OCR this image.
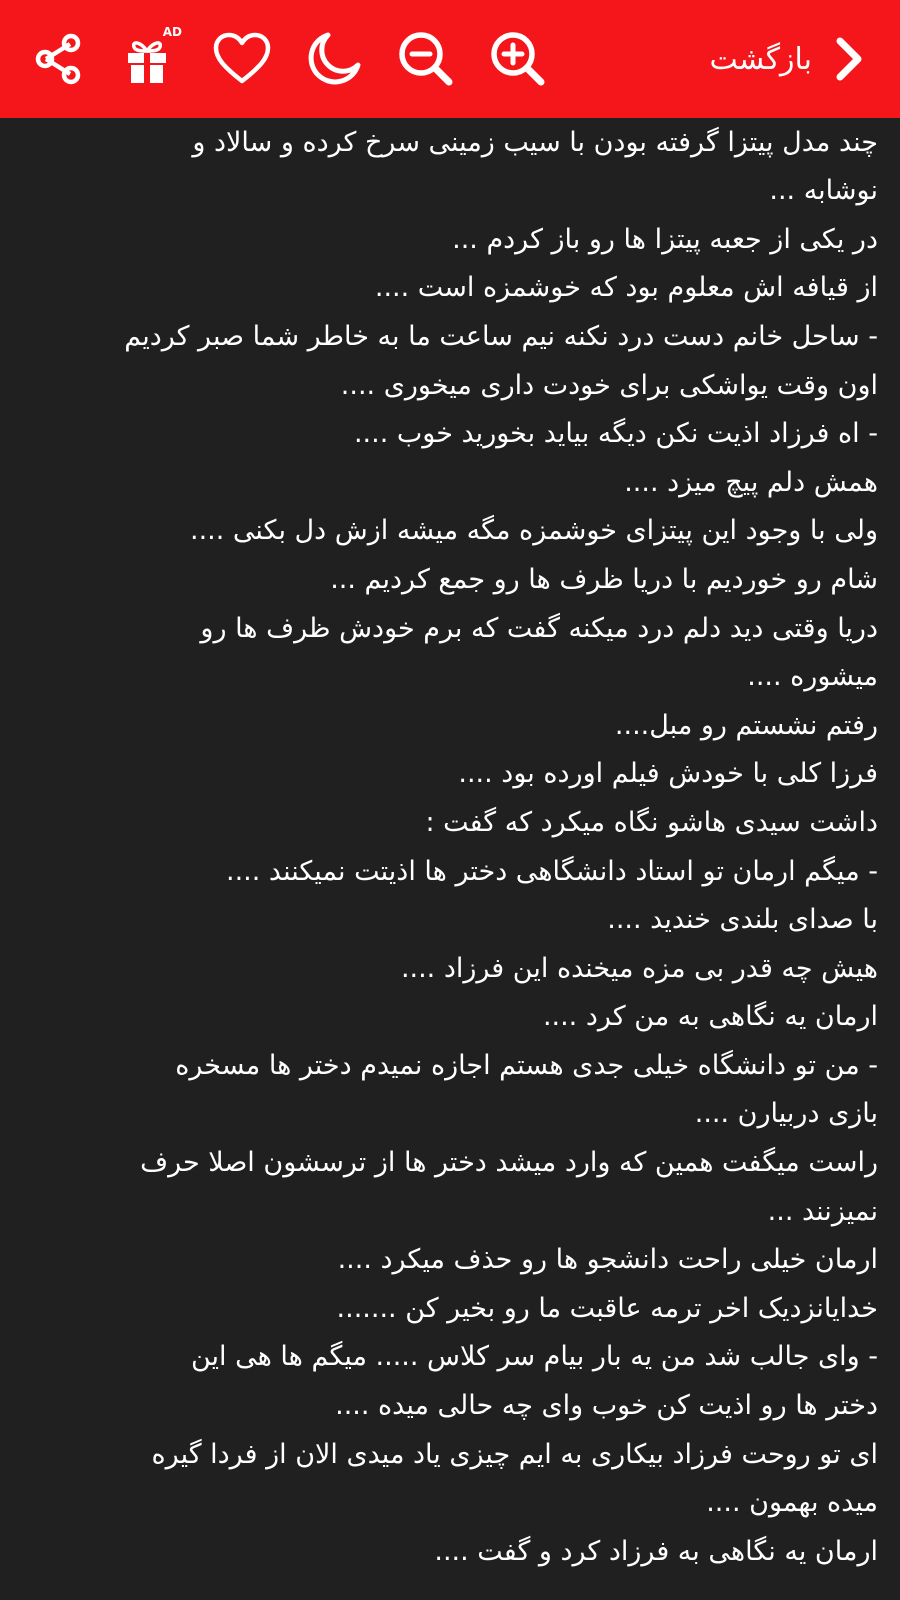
چند مدل پیتزا گرفته بودن با سیب زمینی سرخ کرده و سالاد و
نوشابه ...
در یکی از جعبه پیتزا ها رو باز کردم ...
از قیافه اش معلوم بود که خوشمزه است ....
- ساحل خانم دست درد نکنه نیم ساعت ما به خاطر شما صبر کردیم
اون وقت یواشکی برای خودت داری میخوری ....
- اه فرزاد اذیت نکن دیگه بیاید بخورید خوب ....
همش دلم پیچ میزد ....
ولی با وجود این پیتزای خوشمزه مگه میشه ازش دل بکنی ....
شام رو خوردیم با دریا ظرف ها رو جمع کردیم ...
دریا وقتی دید دلم درد میکنه گفت که برم خودش ظرف ها رو
میشوره ....
رفتم نشستم رو مبل....
فرزا کلی با خودش فیلم اورده بود ....
داشت سیدی هاشو نگاه میکرد که گفت :
- میگم ارمان تو استاد دانشگاهی دختر ها اذیتت نمیکنند ....
با صدای بلندی خندید ....
هیش چه قدر بی مزه میخنده این فرزاد ....
ارمان یه نگاهی به من کرد ....
- من تو دانشگاه خیلی جدی هستم اجازه نمیدم دختر ها مسخره
بازی دربیارن ....
راست میگفت همین که وارد میشد دختر ها از ترسشون اصلا حرف
نمیزنند ...
ارمان خیلی راحت دانشجو ها رو حذف میکرد ....
خدایانزدیک اخر ترمه عاقبت ما رو بخیر کن .......
- وای جالب شد من یه بار بیام سر کلاس ..... میگم ها هی این
دختر ها رو اذیت کن خوب وای چه حالی میده ....
ای تو روحت فرزاد بیکاری به ایم چیزی یاد میدی الان از فردا گیره
میده بهمون ....
ارمان یه نگاهی به فرزاد کرد و گفت ....
بازگشت
AD
